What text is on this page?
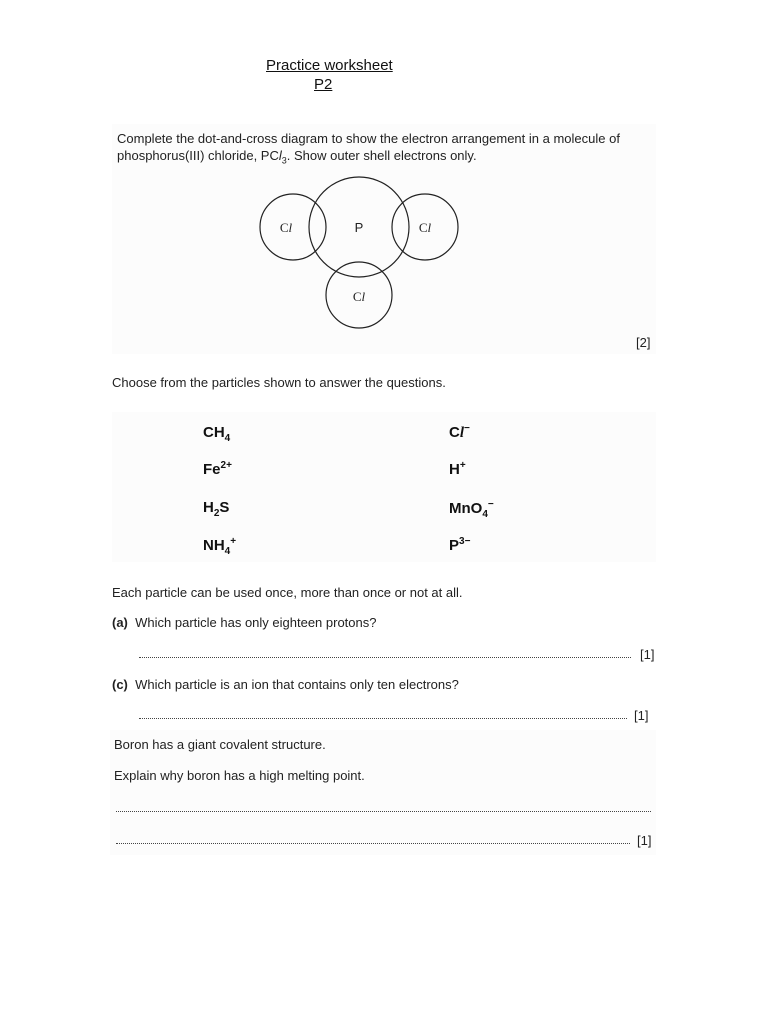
Practice worksheet
P2
Complete the dot-and-cross diagram to show the electron arrangement in a molecule of
phosphorus(III) chloride, PCl$_3$. Show outer shell electrons only.
P
Cl	Cl
Cl
[2]
Choose from the particles shown to answer the questions.
$CH_4$	Cl−
$Fe^{2+}$	H+
$H_2S$	MnO$_4$−
$NH_4^+$	$P^{3-}$
Each particle can be used once, more than once or not at all.
(a) Which particle has only eighteen protons?
[1]
(c) Which particle is an ion that contains only ten electrons?
[1]
Boron has a giant covalent structure.
Explain why boron has a high melting point.
[1]
